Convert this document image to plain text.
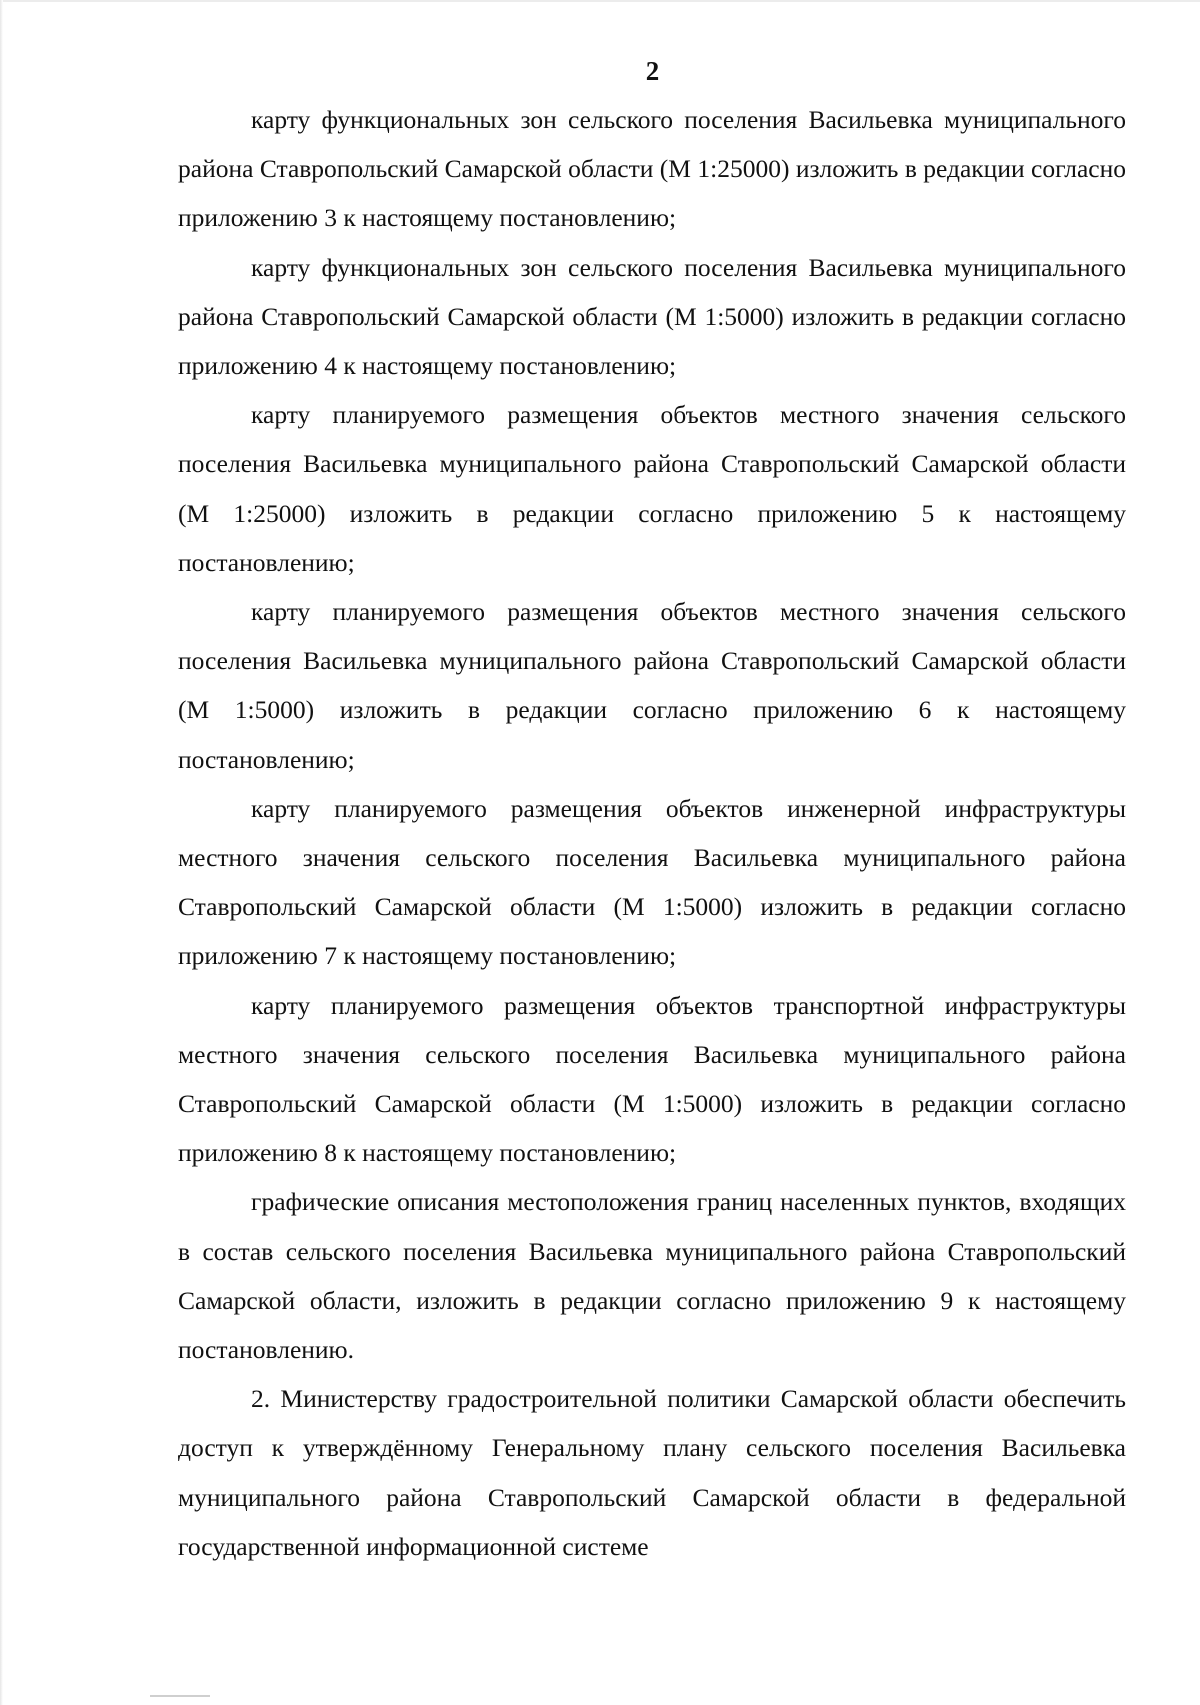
2

карту функциональных зон сельского поселения Васильевка муниципального района Ставропольский Самарской области (М 1:25000) изложить в редакции согласно приложению 3 к настоящему постановлению;

карту функциональных зон сельского поселения Васильевка муниципального района Ставропольский Самарской области (М 1:5000) изложить в редакции согласно приложению 4 к настоящему постановлению;

карту планируемого размещения объектов местного значения сельского поселения Васильевка муниципального района Ставропольский Самарской области (М 1:25000) изложить в редакции согласно приложению 5 к настоящему постановлению;

карту планируемого размещения объектов местного значения сельского поселения Васильевка муниципального района Ставропольский Самарской области (М 1:5000) изложить в редакции согласно приложению 6 к настоящему постановлению;

карту планируемого размещения объектов инженерной инфраструктуры местного значения сельского поселения Васильевка муниципального района Ставропольский Самарской области (М 1:5000) изложить в редакции согласно приложению 7 к настоящему постановлению;

карту планируемого размещения объектов транспортной инфраструктуры местного значения сельского поселения Васильевка муниципального района Ставропольский Самарской области (М 1:5000) изложить в редакции согласно приложению 8 к настоящему постановлению;

графические описания местоположения границ населенных пунктов, входящих в состав сельского поселения Васильевка муниципального района Ставропольский Самарской области, изложить в редакции согласно приложению 9 к настоящему постановлению.

2. Министерству градостроительной политики Самарской области обеспечить доступ к утверждённому Генеральному плану сельского поселения Васильевка муниципального района Ставропольский Самарской области в федеральной государственной информационной системе
